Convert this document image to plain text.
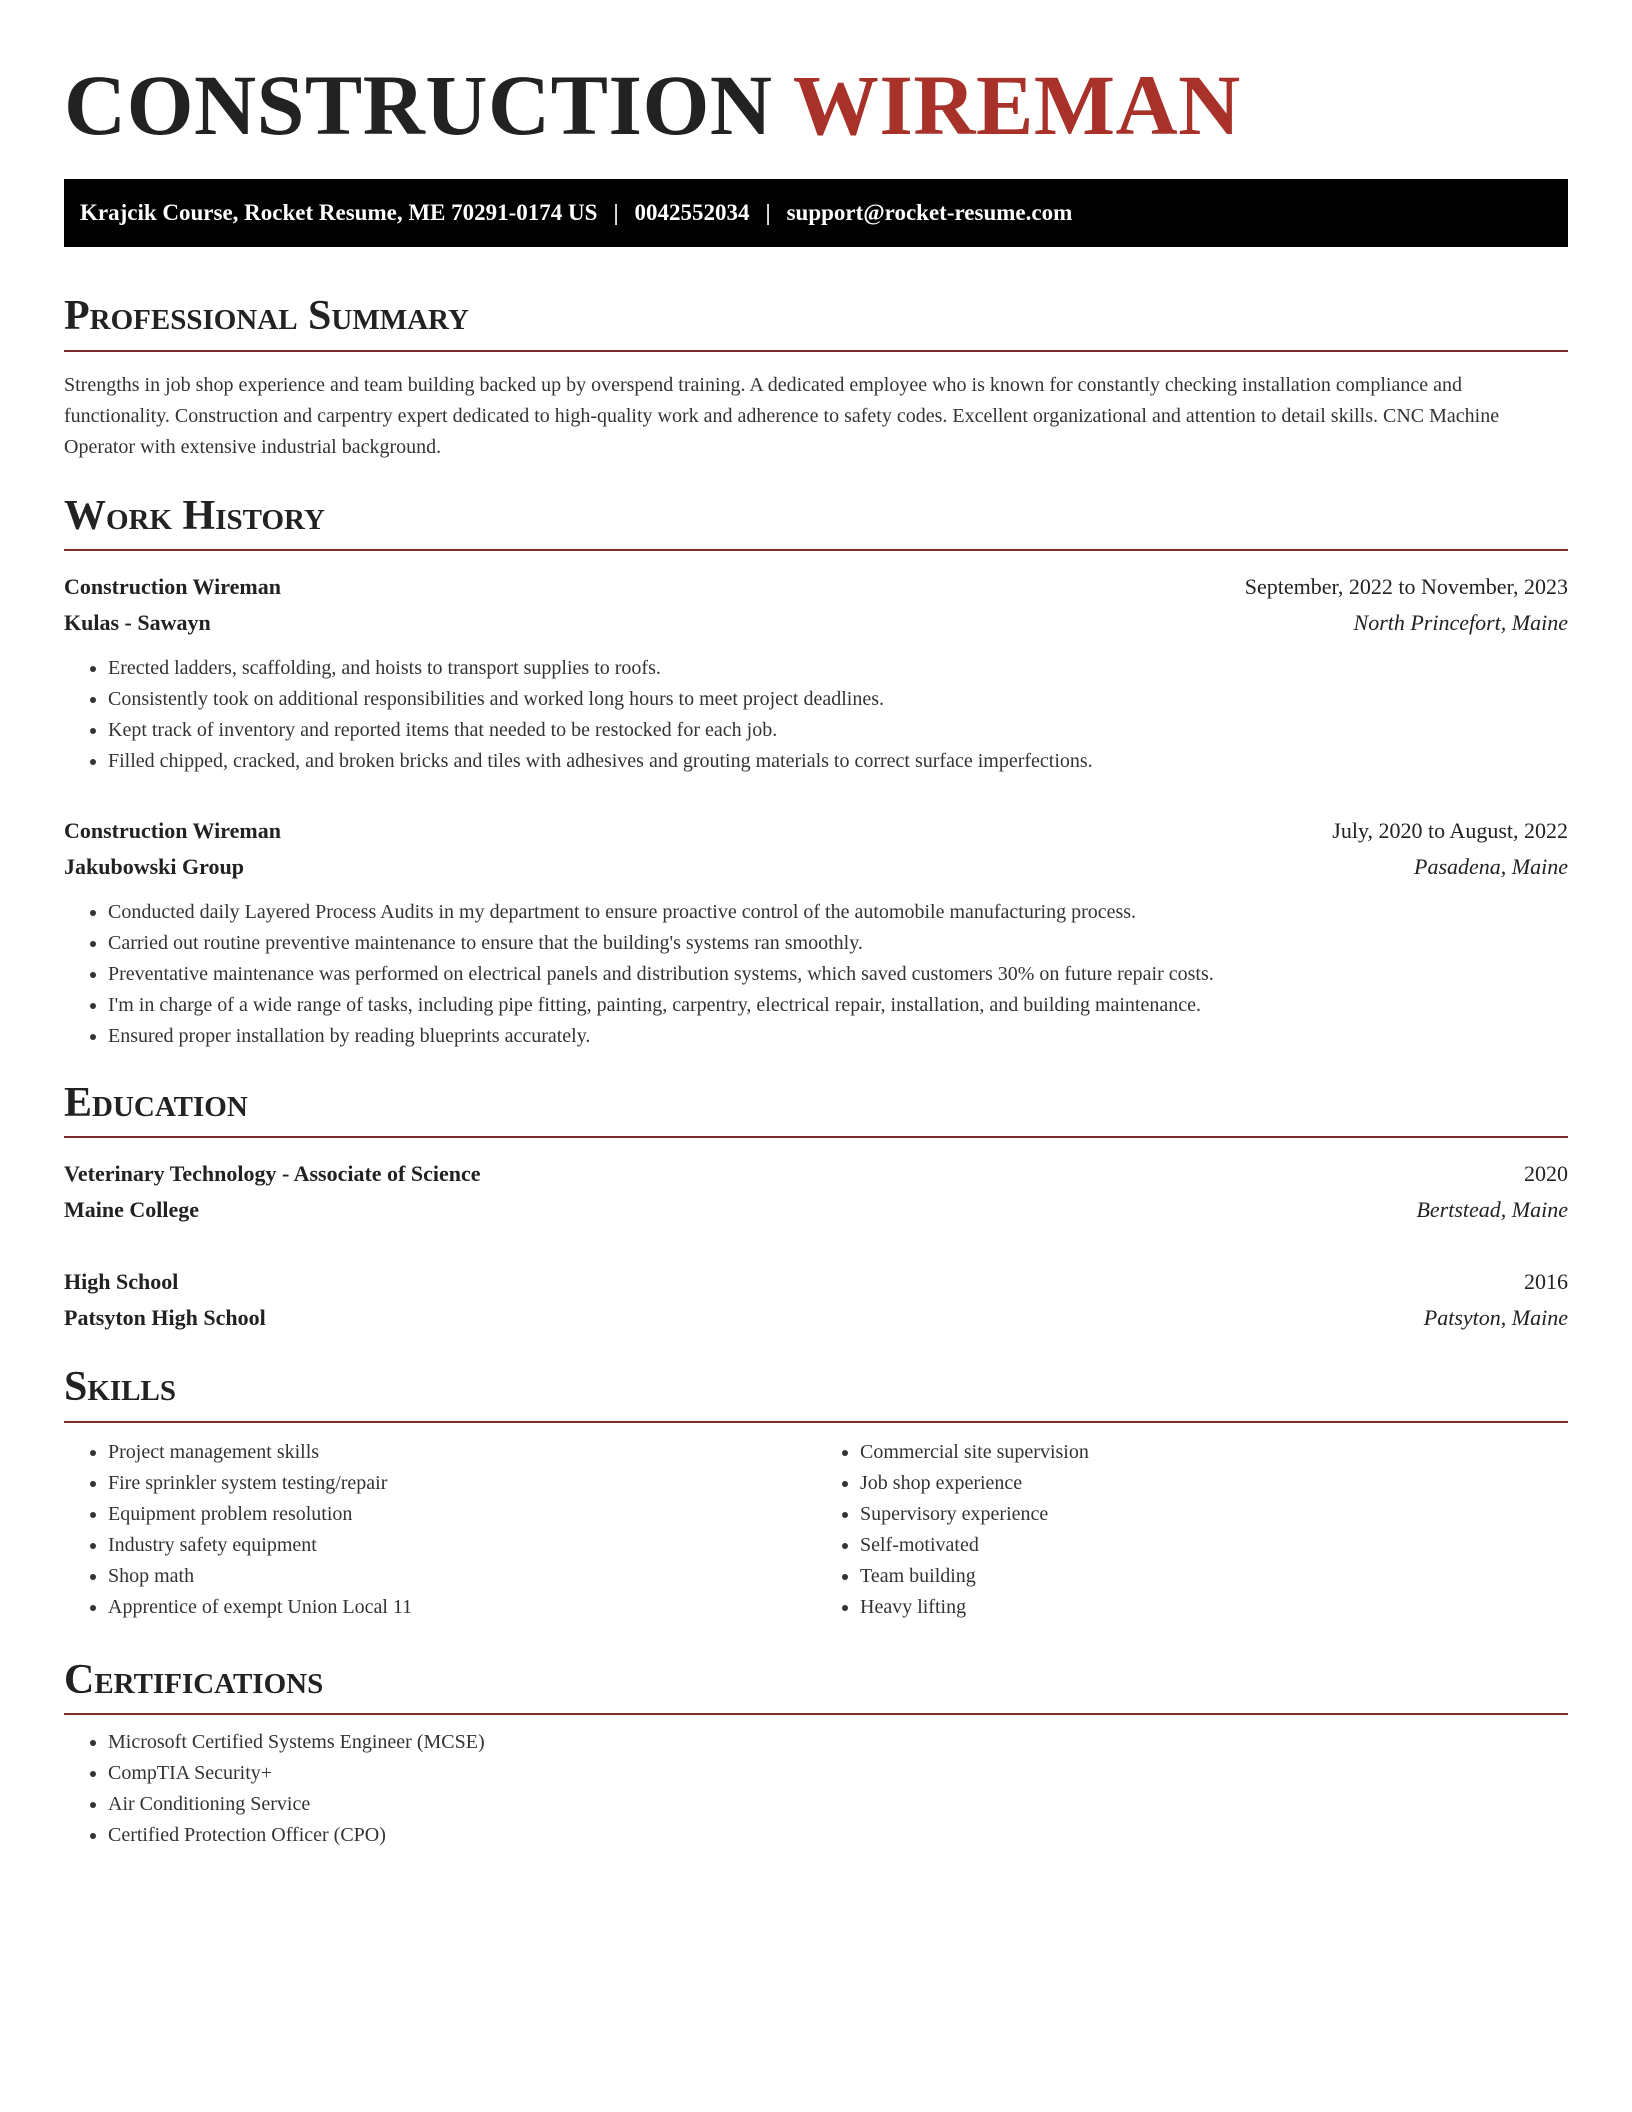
CONSTRUCTION WIREMAN
Krajcik Course, Rocket Resume, ME 70291-0174 US | 0042552034 | support@rocket-resume.com
Professional Summary

Strengths in job shop experience and team building backed up by overspend training. A dedicated employee who is known for constantly checking installation compliance and functionality. Construction and carpentry expert dedicated to high-quality work and adherence to safety codes. Excellent organizational and attention to detail skills. CNC Machine Operator with extensive industrial background.

Work History
Construction Wireman	September, 2022 to November, 2023
Kulas - Sawayn	North Princefort, Maine
• Erected ladders, scaffolding, and hoists to transport supplies to roofs.
• Consistently took on additional responsibilities and worked long hours to meet project deadlines.
• Kept track of inventory and reported items that needed to be restocked for each job.
• Filled chipped, cracked, and broken bricks and tiles with adhesives and grouting materials to correct surface imperfections.
Construction Wireman	July, 2020 to August, 2022
Jakubowski Group	Pasadena, Maine
• Conducted daily Layered Process Audits in my department to ensure proactive control of the automobile manufacturing process.
• Carried out routine preventive maintenance to ensure that the building's systems ran smoothly.
• Preventative maintenance was performed on electrical panels and distribution systems, which saved customers 30% on future repair costs.
• I'm in charge of a wide range of tasks, including pipe fitting, painting, carpentry, electrical repair, installation, and building maintenance.
• Ensured proper installation by reading blueprints accurately.
Education
Veterinary Technology - Associate of Science	2020
Maine College	Bertstead, Maine
High School	2016
Patsyton High School	Patsyton, Maine
Skills
• Project management skills
• Fire sprinkler system testing/repair
• Equipment problem resolution
• Industry safety equipment
• Shop math
• Apprentice of exempt Union Local 11
• Commercial site supervision
• Job shop experience
• Supervisory experience
• Self-motivated
• Team building
• Heavy lifting
Certifications
• Microsoft Certified Systems Engineer (MCSE)
• CompTIA Security+
• Air Conditioning Service
• Certified Protection Officer (CPO)
